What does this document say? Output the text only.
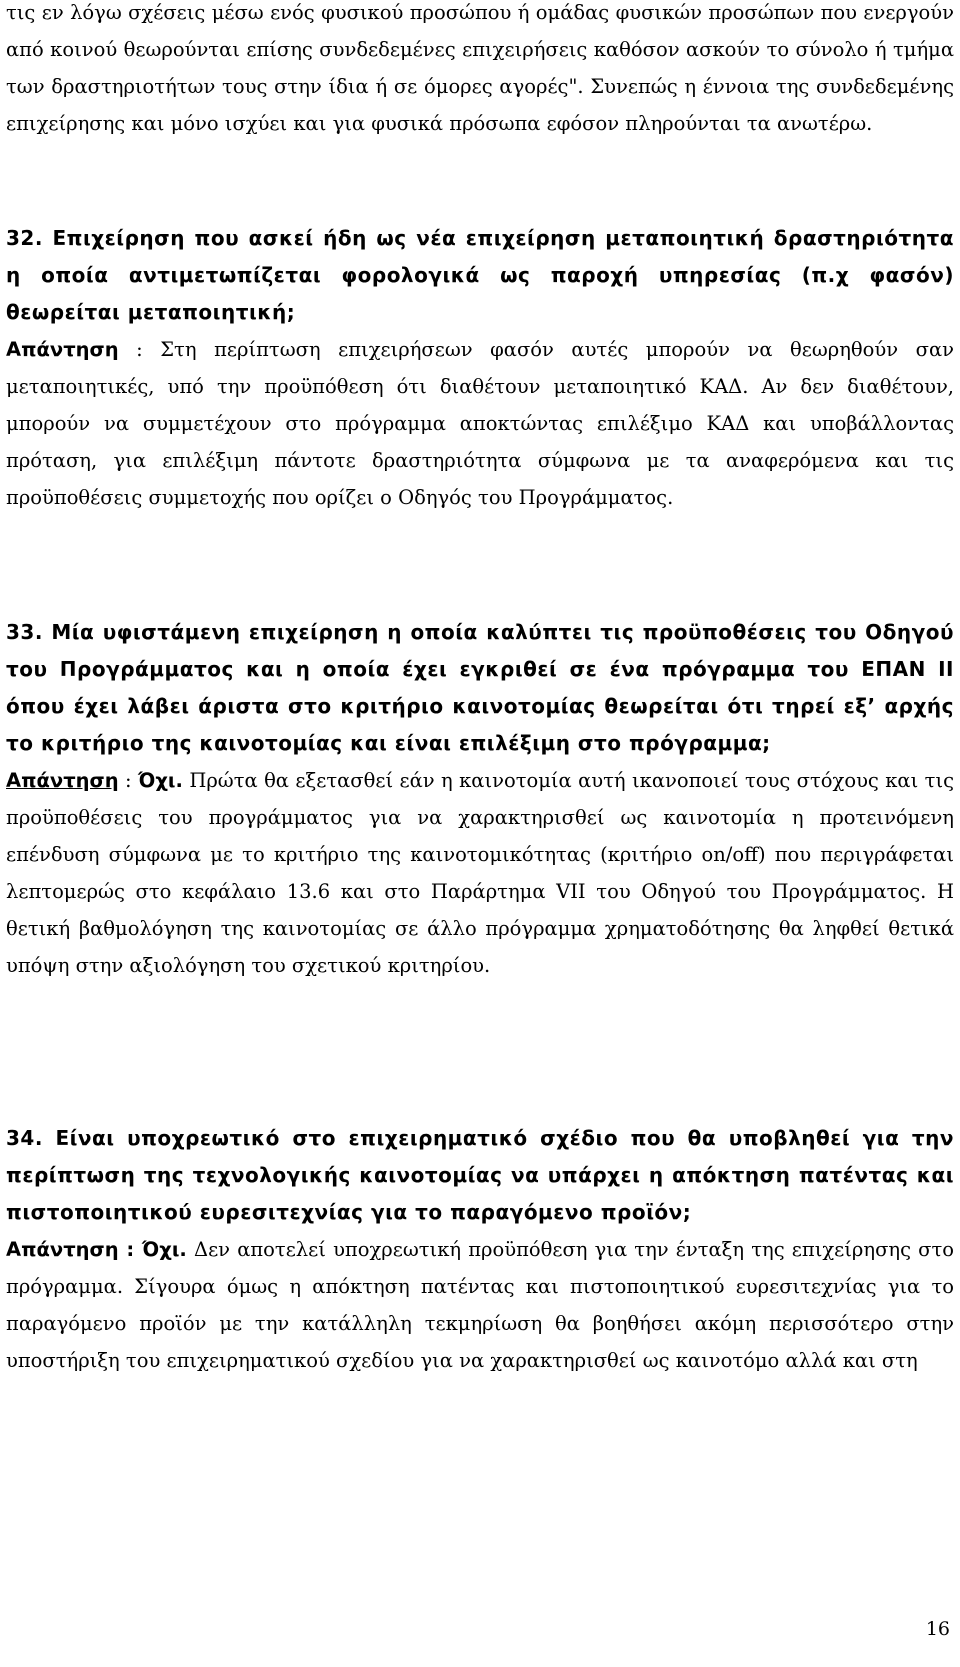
τις εν λόγω σχέσεις μέσω ενός φυσικού προσώπου ή ομάδας φυσικών προσώπων που ενεργούν από κοινού θεωρούνται επίσης συνδεδεμένες επιχειρήσεις καθόσον ασκούν το σύνολο ή τμήμα των δραστηριοτήτων τους στην ίδια ή σε όμορες αγορές". Συνεπώς η έννοια της συνδεδεμένης επιχείρησης και μόνο ισχύει και για φυσικά πρόσωπα εφόσον πληρούνται τα ανωτέρω.
32. Επιχείρηση που ασκεί ήδη ως νέα επιχείρηση μεταποιητική δραστηριότητα η οποία αντιμετωπίζεται φορολογικά ως παροχή υπηρεσίας (π.χ φασόν) θεωρείται μεταποιητική;
Απάντηση : Στη περίπτωση επιχειρήσεων φασόν αυτές μπορούν να θεωρηθούν σαν μεταποιητικές, υπό την προϋπόθεση ότι διαθέτουν μεταποιητικό ΚΑΔ. Αν δεν διαθέτουν, μπορούν να συμμετέχουν στο πρόγραμμα αποκτώντας επιλέξιμο ΚΑΔ και υποβάλλοντας πρόταση, για επιλέξιμη πάντοτε δραστηριότητα σύμφωνα με τα αναφερόμενα και τις προϋποθέσεις συμμετοχής που ορίζει ο Οδηγός του Προγράμματος.
33. Μία υφιστάμενη επιχείρηση η οποία καλύπτει τις προϋποθέσεις του Οδηγού του Προγράμματος και η οποία έχει εγκριθεί σε ένα πρόγραμμα του ΕΠΑΝ ΙΙ όπου έχει λάβει άριστα στο κριτήριο καινοτομίας θεωρείται ότι τηρεί εξ’ αρχής το κριτήριο της καινοτομίας και είναι επιλέξιμη στο πρόγραμμα;
Απάντηση : Όχι. Πρώτα θα εξετασθεί εάν η καινοτομία αυτή ικανοποιεί τους στόχους και τις προϋποθέσεις του προγράμματος για να χαρακτηρισθεί ως καινοτομία η προτεινόμενη επένδυση σύμφωνα με το κριτήριο της καινοτομικότητας (κριτήριο on/off) που περιγράφεται λεπτομερώς στο κεφάλαιο 13.6 και στο Παράρτημα VII του Οδηγού του Προγράμματος. Η θετική βαθμολόγηση της καινοτομίας σε άλλο πρόγραμμα χρηματοδότησης θα ληφθεί θετικά υπόψη στην αξιολόγηση του σχετικού κριτηρίου.
34. Είναι υποχρεωτικό στο επιχειρηματικό σχέδιο που θα υποβληθεί για την περίπτωση της τεχνολογικής καινοτομίας να υπάρχει η απόκτηση πατέντας και πιστοποιητικού ευρεσιτεχνίας για το παραγόμενο προϊόν;
Απάντηση : Όχι. Δεν αποτελεί υποχρεωτική προϋπόθεση για την ένταξη της επιχείρησης στο πρόγραμμα. Σίγουρα όμως η απόκτηση πατέντας και πιστοποιητικού ευρεσιτεχνίας για το παραγόμενο προϊόν με την κατάλληλη τεκμηρίωση θα βοηθήσει ακόμη περισσότερο στην υποστήριξη του επιχειρηματικού σχεδίου για να χαρακτηρισθεί ως καινοτόμο αλλά και στη
16
